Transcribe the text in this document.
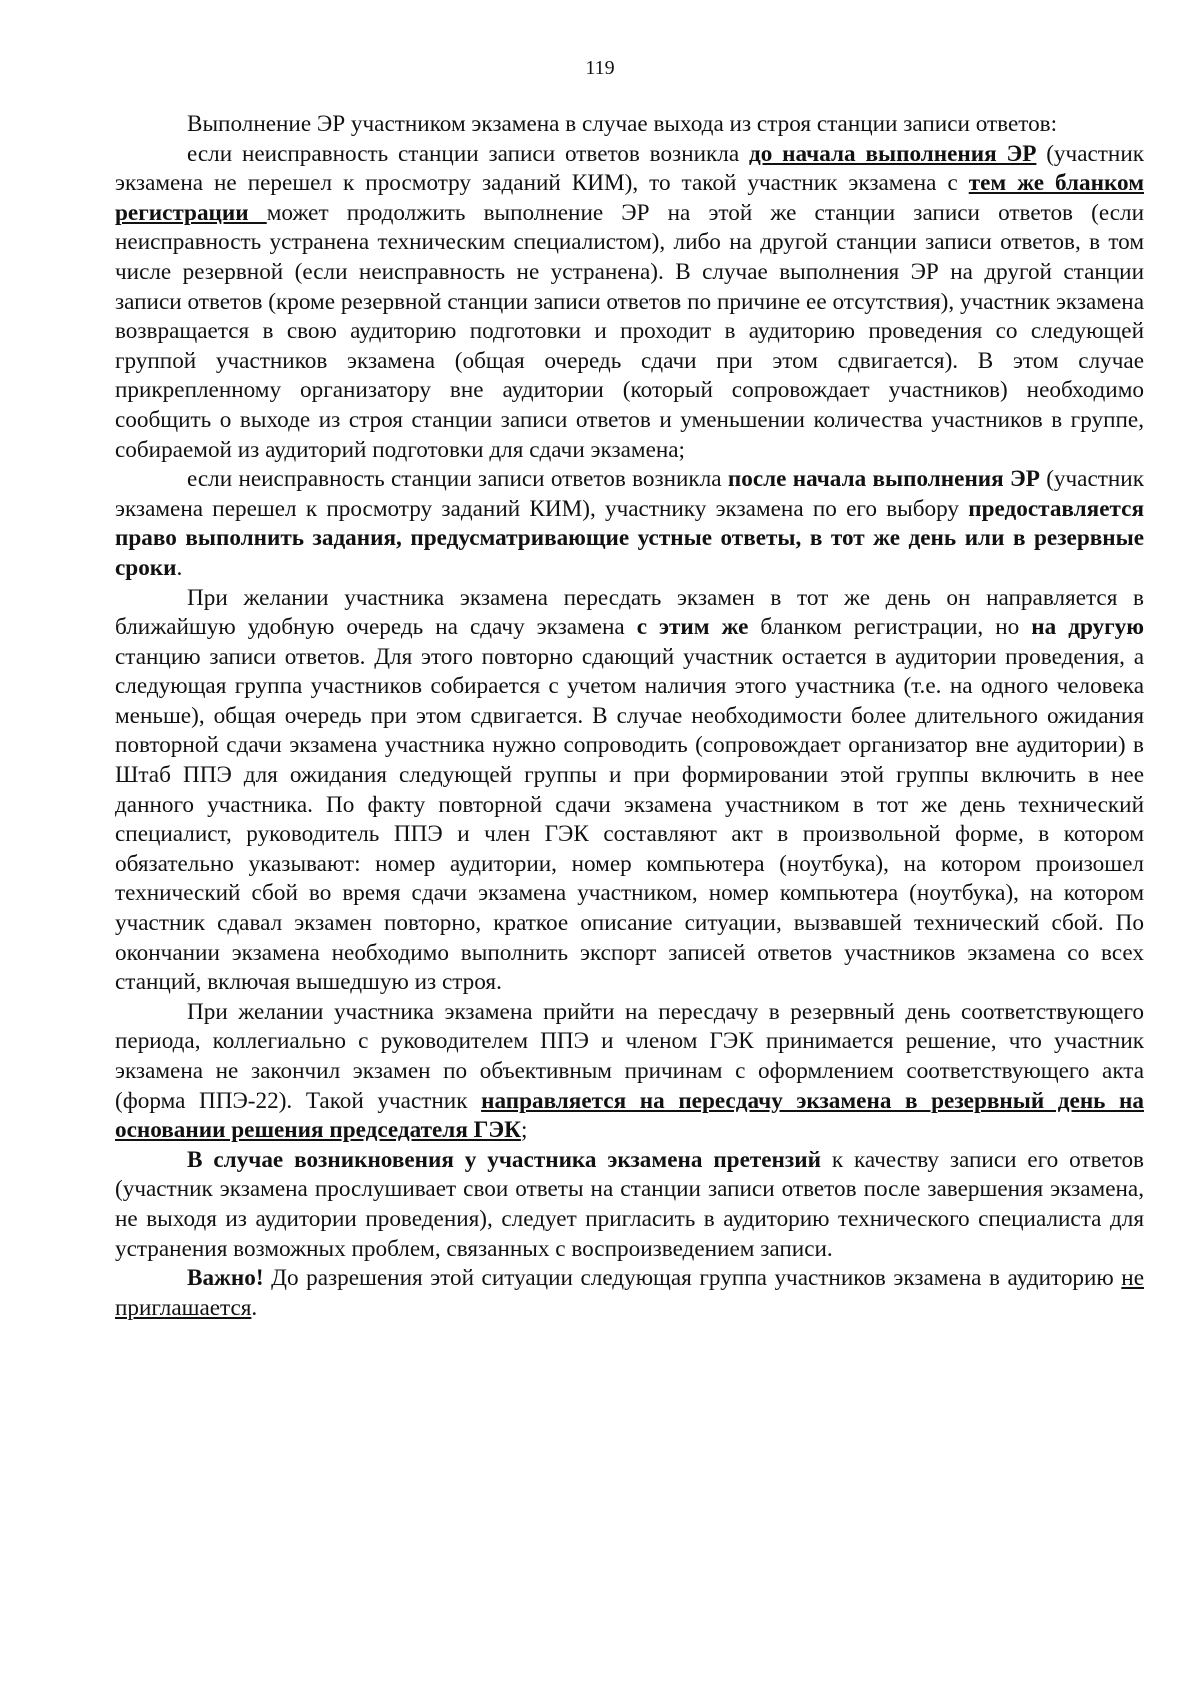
119

Выполнение ЭР участником экзамена в случае выхода из строя станции записи ответов:

если неисправность станции записи ответов возникла до начала выполнения ЭР (участник экзамена не перешел к просмотру заданий КИМ), то такой участник экзамена с тем же бланком регистрации может продолжить выполнение ЭР на этой же станции записи ответов (если неисправность устранена техническим специалистом), либо на другой станции записи ответов, в том числе резервной (если неисправность не устранена). В случае выполнения ЭР на другой станции записи ответов (кроме резервной станции записи ответов по причине ее отсутствия), участник экзамена возвращается в свою аудиторию подготовки и проходит в аудиторию проведения со следующей группой участников экзамена (общая очередь сдачи при этом сдвигается). В этом случае прикрепленному организатору вне аудитории (который сопровождает участников) необходимо сообщить о выходе из строя станции записи ответов и уменьшении количества участников в группе, собираемой из аудиторий подготовки для сдачи экзамена;

если неисправность станции записи ответов возникла после начала выполнения ЭР (участник экзамена перешел к просмотру заданий КИМ), участнику экзамена по его выбору предоставляется право выполнить задания, предусматривающие устные ответы, в тот же день или в резервные сроки.

При желании участника экзамена пересдать экзамен в тот же день он направляется в ближайшую удобную очередь на сдачу экзамена с этим же бланком регистрации, но на другую станцию записи ответов. Для этого повторно сдающий участник остается в аудитории проведения, а следующая группа участников собирается с учетом наличия этого участника (т.е. на одного человека меньше), общая очередь при этом сдвигается. В случае необходимости более длительного ожидания повторной сдачи экзамена участника нужно сопроводить (сопровождает организатор вне аудитории) в Штаб ППЭ для ожидания следующей группы и при формировании этой группы включить в нее данного участника. По факту повторной сдачи экзамена участником в тот же день технический специалист, руководитель ППЭ и член ГЭК составляют акт в произвольной форме, в котором обязательно указывают: номер аудитории, номер компьютера (ноутбука), на котором произошел технический сбой во время сдачи экзамена участником, номер компьютера (ноутбука), на котором участник сдавал экзамен повторно, краткое описание ситуации, вызвавшей технический сбой. По окончании экзамена необходимо выполнить экспорт записей ответов участников экзамена со всех станций, включая вышедшую из строя.

При желании участника экзамена прийти на пересдачу в резервный день соответствующего периода, коллегиально с руководителем ППЭ и членом ГЭК принимается решение, что участник экзамена не закончил экзамен по объективным причинам с оформлением соответствующего акта (форма ППЭ-22). Такой участник направляется на пересдачу экзамена в резервный день на основании решения председателя ГЭК;

В случае возникновения у участника экзамена претензий к качеству записи его ответов (участник экзамена прослушивает свои ответы на станции записи ответов после завершения экзамена, не выходя из аудитории проведения), следует пригласить в аудиторию технического специалиста для устранения возможных проблем, связанных с воспроизведением записи.

Важно! До разрешения этой ситуации следующая группа участников экзамена в аудиторию не приглашается.
